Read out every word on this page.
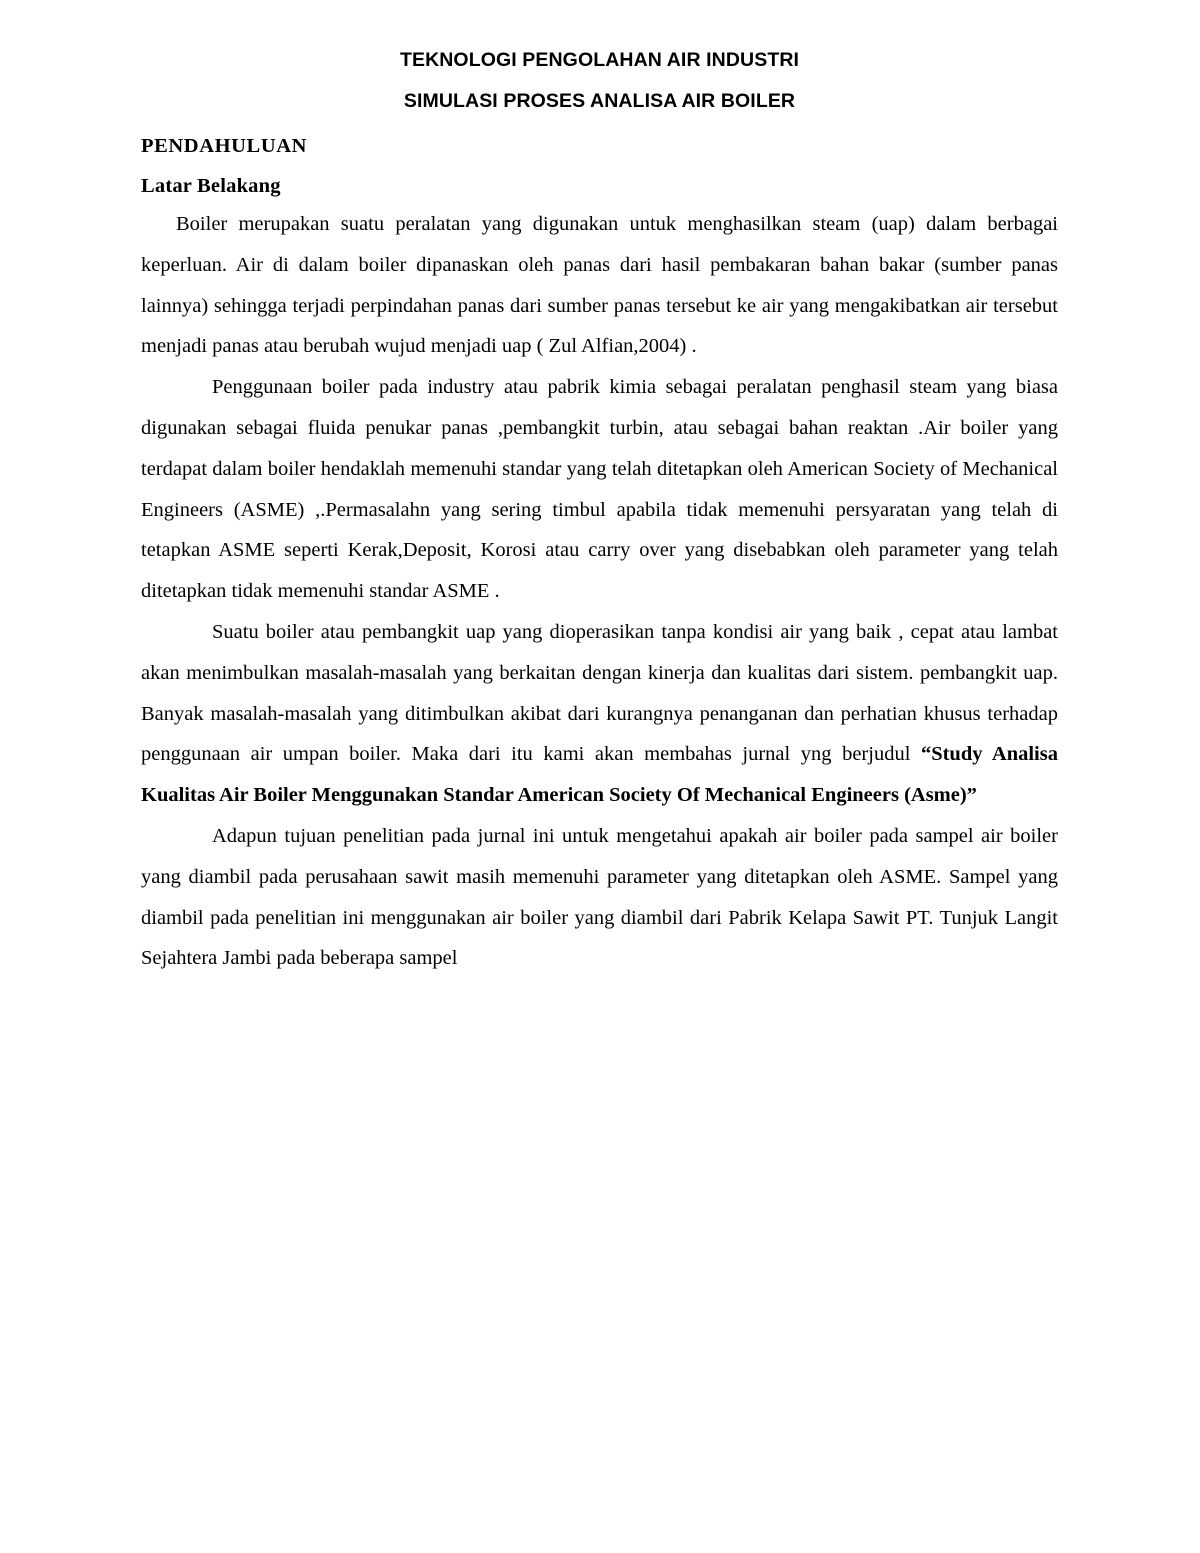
TEKNOLOGI PENGOLAHAN AIR INDUSTRI
SIMULASI PROSES ANALISA AIR BOILER
PENDAHULUAN
Latar Belakang

Boiler merupakan suatu peralatan yang digunakan untuk menghasilkan steam (uap) dalam berbagai keperluan. Air di dalam boiler dipanaskan oleh panas dari hasil pembakaran bahan bakar (sumber panas lainnya) sehingga terjadi perpindahan panas dari sumber panas tersebut ke air yang mengakibatkan air tersebut menjadi panas atau berubah wujud menjadi uap ( Zul Alfian,2004) .

Penggunaan boiler pada industry atau pabrik kimia sebagai peralatan penghasil steam yang biasa digunakan sebagai fluida penukar panas ,pembangkit turbin, atau sebagai bahan reaktan .Air boiler yang terdapat dalam boiler hendaklah memenuhi standar yang telah ditetapkan oleh American Society of Mechanical Engineers (ASME) ,.Permasalahn yang sering timbul apabila tidak memenuhi persyaratan yang telah di tetapkan ASME seperti Kerak,Deposit, Korosi atau carry over yang disebabkan oleh parameter yang telah ditetapkan tidak memenuhi standar ASME .

Suatu boiler atau pembangkit uap yang dioperasikan tanpa kondisi air yang baik , cepat atau lambat akan menimbulkan masalah-masalah yang berkaitan dengan kinerja dan kualitas dari sistem. pembangkit uap. Banyak masalah-masalah yang ditimbulkan akibat dari kurangnya penanganan dan perhatian khusus terhadap penggunaan air umpan boiler. Maka dari itu kami akan membahas jurnal yng berjudul “Study Analisa Kualitas Air Boiler Menggunakan Standar American Society Of Mechanical Engineers (Asme)”

Adapun tujuan penelitian pada jurnal ini untuk mengetahui apakah air boiler pada sampel air boiler yang diambil pada perusahaan sawit masih memenuhi parameter yang ditetapkan oleh ASME. Sampel yang diambil pada penelitian ini menggunakan air boiler yang diambil dari Pabrik Kelapa Sawit PT. Tunjuk Langit Sejahtera Jambi pada beberapa sampel
